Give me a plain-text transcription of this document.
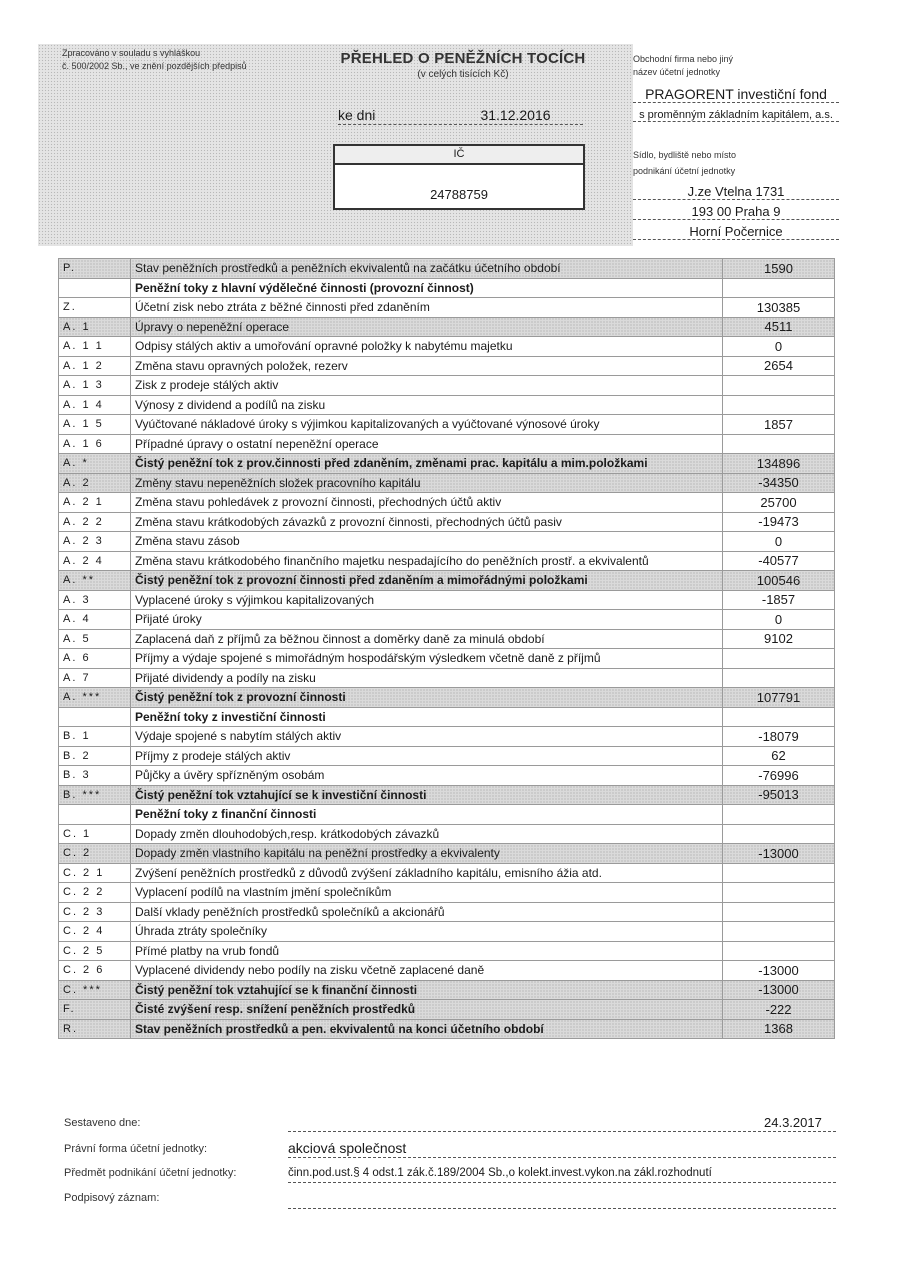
Zpracováno v souladu s vyhláškou
č. 500/2002 Sb., ve znění pozdějších předpisů	PŘEHLED O PENĚŽNÍCH TOCÍCH
(v celých tisících Kč)
ke dni	31.12.2016
IČ
24788759
Obchodní firma nebo jiný
název účetní jednotky
PRAGORENT investiční fond
s proměnným základním kapitálem, a.s.
Sídlo, bydliště nebo místo
podnikání účetní jednotky
J.ze Vtelna 1731
193 00 Praha 9
Horní Počernice
P.	Stav peněžních prostředků a peněžních ekvivalentů na začátku účetního období	1590
	Peněžní toky z hlavní výdělečné činnosti (provozní činnost)	
Z.	Účetní zisk nebo ztráta z běžné činnosti před zdaněním	130385
A. 1	Úpravy o nepeněžní operace	4511
A. 1 1	Odpisy stálých aktiv a umořování opravné položky k nabytému majetku	0
A. 1 2	Změna stavu opravných položek, rezerv	2654
A. 1 3	Zisk z prodeje stálých aktiv	
A. 1 4	Výnosy z dividend a podílů na zisku	
A. 1 5	Vyúčtované nákladové úroky s výjimkou kapitalizovaných a vyúčtované výnosové úroky	1857
A. 1 6	Případné úpravy o ostatní nepeněžní operace	
A. *	Čistý peněžní tok z prov.činnosti před zdaněním, změnami prac. kapitálu a mim.položkami	134896
A. 2	Změny stavu nepeněžních složek pracovního kapitálu	-34350
A. 2 1	Změna stavu pohledávek z provozní činnosti, přechodných účtů aktiv	25700
A. 2 2	Změna stavu krátkodobých závazků z provozní činnosti, přechodných účtů pasiv	-19473
A. 2 3	Změna stavu zásob	0
A. 2 4	Změna stavu krátkodobého finančního majetku nespadajícího do peněžních prostř. a ekvivalentů	-40577
A. **	Čistý peněžní tok z provozní činnosti před zdaněním a mimořádnými položkami	100546
A. 3	Vyplacené úroky s výjimkou kapitalizovaných	-1857
A. 4	Přijaté úroky	0
A. 5	Zaplacená daň z příjmů za běžnou činnost a doměrky daně za minulá období	9102
A. 6	Příjmy a výdaje spojené s mimořádným hospodářským výsledkem včetně daně z příjmů	
A. 7	Přijaté dividendy a podíly na zisku	
A. ***	Čistý peněžní tok z provozní činnosti	107791
	Peněžní toky z investiční činnosti	
B. 1	Výdaje spojené s nabytím stálých aktiv	-18079
B. 2	Příjmy z prodeje stálých aktiv	62
B. 3	Půjčky a úvěry spřízněným osobám	-76996
B. ***	Čistý peněžní tok vztahující se k investiční činnosti	-95013
	Peněžní toky z finanční činnosti	
C. 1	Dopady změn dlouhodobých,resp. krátkodobých závazků	
C. 2	Dopady změn vlastního kapitálu na peněžní prostředky a ekvivalenty	-13000
C. 2 1	Zvýšení peněžních prostředků z důvodů zvýšení základního kapitálu, emisního ážia atd.	
C. 2 2	Vyplacení podílů na vlastním jmění společníkům	
C. 2 3	Další vklady peněžních prostředků společníků a akcionářů	
C. 2 4	Úhrada ztráty společníky	
C. 2 5	Přímé platby na vrub fondů	
C. 2 6	Vyplacené dividendy nebo podíly na zisku včetně zaplacené daně	-13000
C. ***	Čistý peněžní tok vztahující se k finanční činnosti	-13000
F.	Čisté zvýšení resp. snížení peněžních prostředků	-222
R.	Stav peněžních prostředků a pen. ekvivalentů na konci účetního období	1368
Sestaveno dne:	24.3.2017
Právní forma účetní jednotky:	akciová společnost
Předmět podnikání účetní jednotky:	činn.pod.ust.§ 4 odst.1 zák.č.189/2004 Sb.,o kolekt.invest.vykon.na zákl.rozhodnutí
Podpisový záznam:
